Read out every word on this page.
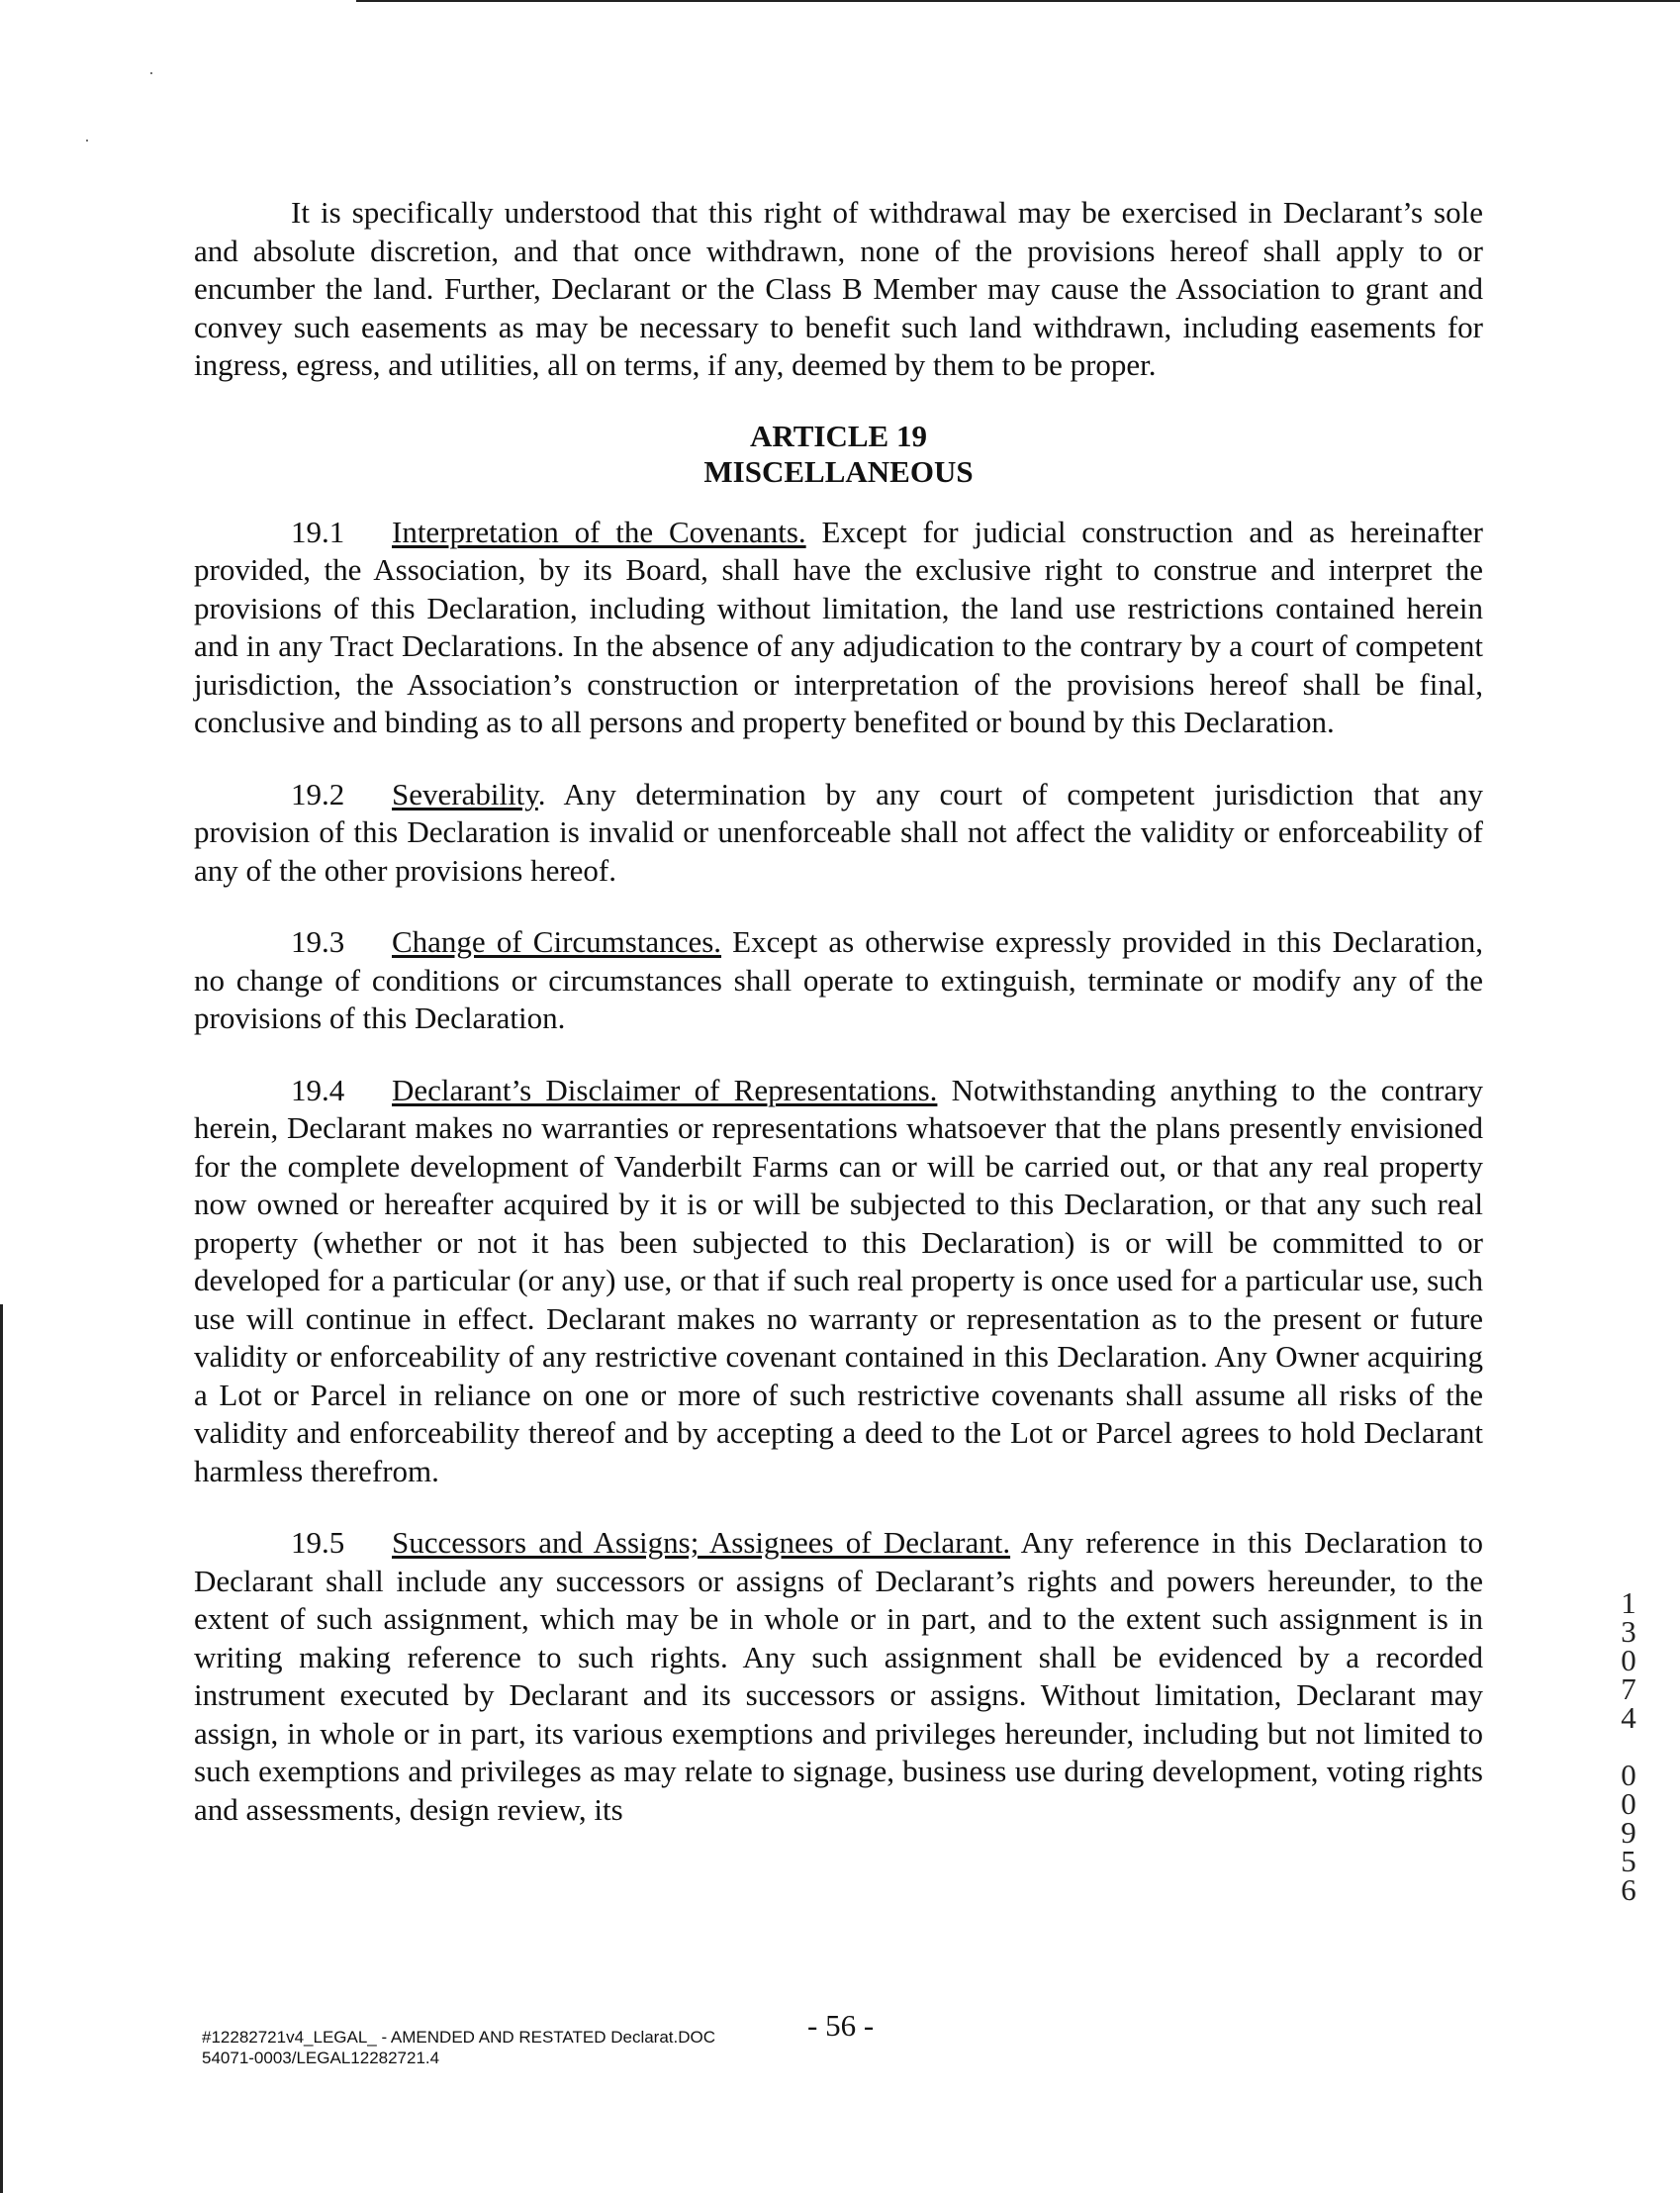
It is specifically understood that this right of withdrawal may be exercised in Declarant’s sole and absolute discretion, and that once withdrawn, none of the provisions hereof shall apply to or encumber the land. Further, Declarant or the Class B Member may cause the Association to grant and convey such easements as may be necessary to benefit such land withdrawn, including easements for ingress, egress, and utilities, all on terms, if any, deemed by them to be proper.

ARTICLE 19
MISCELLANEOUS

19.1 Interpretation of the Covenants. Except for judicial construction and as hereinafter provided, the Association, by its Board, shall have the exclusive right to construe and interpret the provisions of this Declaration, including without limitation, the land use restrictions contained herein and in any Tract Declarations. In the absence of any adjudication to the contrary by a court of competent jurisdiction, the Association’s construction or interpretation of the provisions hereof shall be final, conclusive and binding as to all persons and property benefited or bound by this Declaration.

19.2 Severability. Any determination by any court of competent jurisdiction that any provision of this Declaration is invalid or unenforceable shall not affect the validity or enforceability of any of the other provisions hereof.

19.3 Change of Circumstances. Except as otherwise expressly provided in this Declaration, no change of conditions or circumstances shall operate to extinguish, terminate or modify any of the provisions of this Declaration.

19.4 Declarant’s Disclaimer of Representations. Notwithstanding anything to the contrary herein, Declarant makes no warranties or representations whatsoever that the plans presently envisioned for the complete development of Vanderbilt Farms can or will be carried out, or that any real property now owned or hereafter acquired by it is or will be subjected to this Declaration, or that any such real property (whether or not it has been subjected to this Declaration) is or will be committed to or developed for a particular (or any) use, or that if such real property is once used for a particular use, such use will continue in effect. Declarant makes no warranty or representation as to the present or future validity or enforceability of any restrictive covenant contained in this Declaration. Any Owner acquiring a Lot or Parcel in reliance on one or more of such restrictive covenants shall assume all risks of the validity and enforceability thereof and by accepting a deed to the Lot or Parcel agrees to hold Declarant harmless therefrom.

19.5 Successors and Assigns; Assignees of Declarant. Any reference in this Declaration to Declarant shall include any successors or assigns of Declarant’s rights and powers hereunder, to the extent of such assignment, which may be in whole or in part, and to the extent such assignment is in writing making reference to such rights. Any such assignment shall be evidenced by a recorded instrument executed by Declarant and its successors or assigns. Without limitation, Declarant may assign, in whole or in part, its various exemptions and privileges hereunder, including but not limited to such exemptions and privileges as may relate to signage, business use during development, voting rights and assessments, design review, its

1
3
0
7
4
0
0
9
5
6
#12282721v4_LEGAL_ - AMENDED AND RESTATED Declarat.DOC
54071-0003/LEGAL12282721.4
- 56 -
